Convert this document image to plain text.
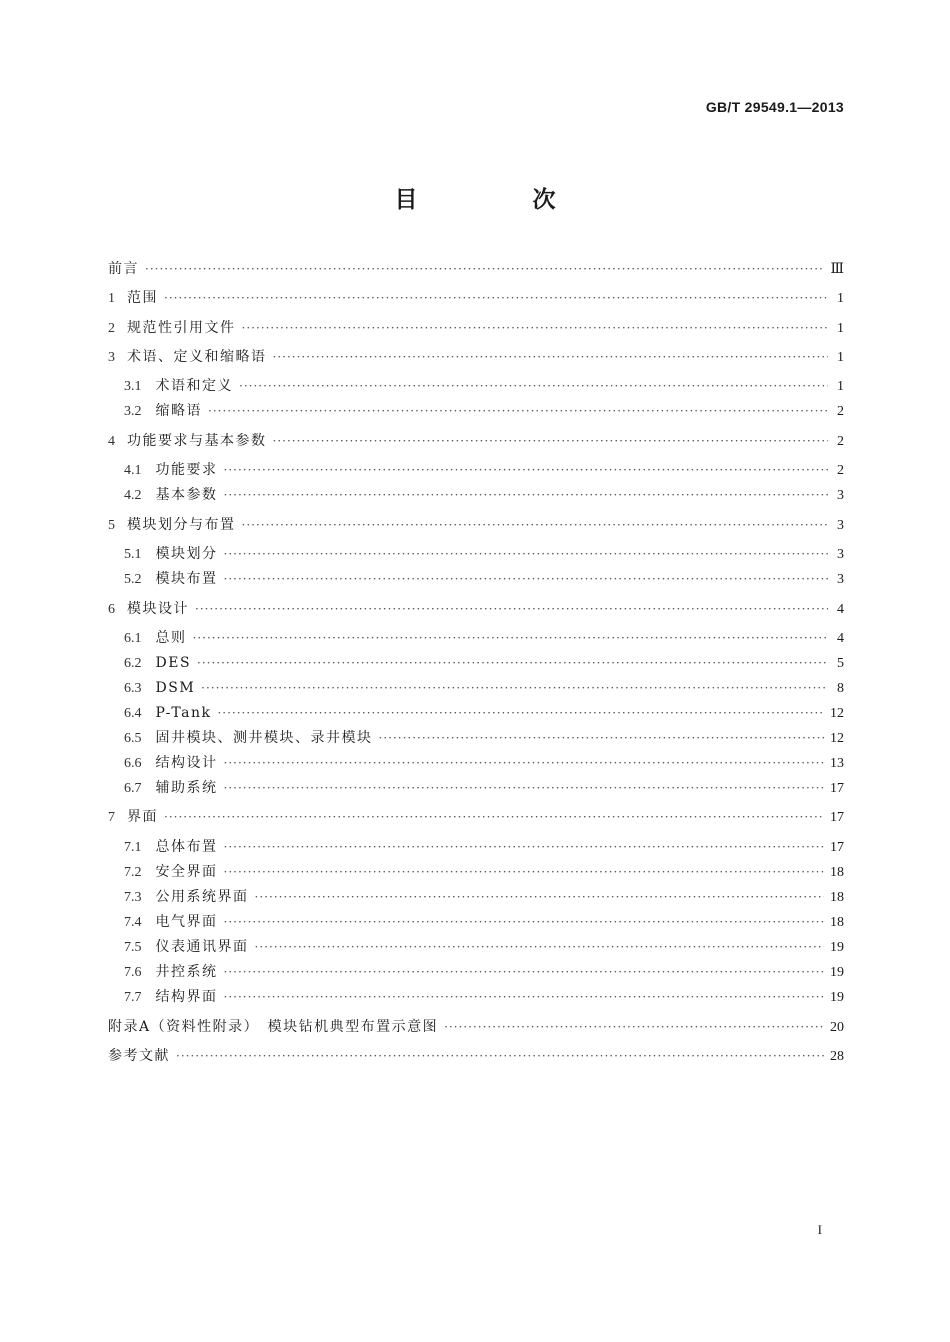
GB/T 29549.1—2013
目　次
前言 ·····	Ⅲ
1 范围 ·····	1
2 规范性引用文件 ·····	1
3 术语、定义和缩略语 ·····	1
3.1 术语和定义 ·····	1
3.2 缩略语 ·····	2
4 功能要求与基本参数 ·····	2
4.1 功能要求 ·····	2
4.2 基本参数 ·····	3
5 模块划分与布置 ·····	3
5.1 模块划分 ·····	3
5.2 模块布置 ·····	3
6 模块设计 ·····	4
6.1 总则 ·····	4
6.2 DES ·····	5
6.3 DSM ·····	8
6.4 P-Tank ·····	12
6.5 固井模块、测井模块、录井模块 ·····	12
6.6 结构设计 ·····	13
6.7 辅助系统 ·····	17
7 界面 ·····	17
7.1 总体布置 ·····	17
7.2 安全界面 ·····	18
7.3 公用系统界面 ·····	18
7.4 电气界面 ·····	18
7.5 仪表通讯界面 ·····	19
7.6 井控系统 ·····	19
7.7 结构界面 ·····	19
附录A（资料性附录）　模块钻机典型布置示意图 ·····	20
参考文献 ·····	28
I
